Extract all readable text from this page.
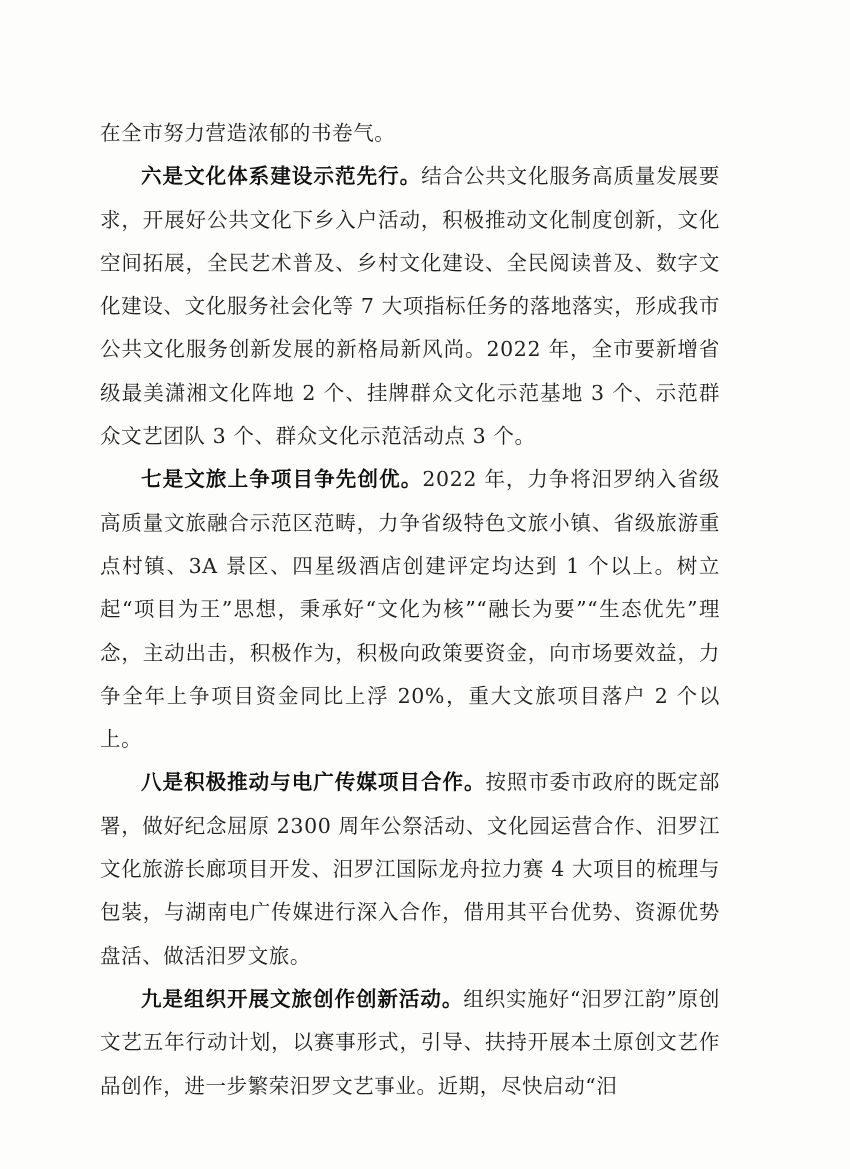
在全市努力营造浓郁的书卷气。

六是文化体系建设示范先行。结合公共文化服务高质量发展要求，开展好公共文化下乡入户活动，积极推动文化制度创新，文化空间拓展，全民艺术普及、乡村文化建设、全民阅读普及、数字文化建设、文化服务社会化等 7 大项指标任务的落地落实，形成我市公共文化服务创新发展的新格局新风尚。2022 年，全市要新增省级最美潇湘文化阵地 2 个、挂牌群众文化示范基地 3 个、示范群众文艺团队 3 个、群众文化示范活动点 3 个。

七是文旅上争项目争先创优。2022 年，力争将汨罗纳入省级高质量文旅融合示范区范畴，力争省级特色文旅小镇、省级旅游重点村镇、3A 景区、四星级酒店创建评定均达到 1 个以上。树立起“项目为王”思想，秉承好“文化为核”“融长为要”“生态优先”理念，主动出击，积极作为，积极向政策要资金，向市场要效益，力争全年上争项目资金同比上浮 20%，重大文旅项目落户 2 个以上。

八是积极推动与电广传媒项目合作。按照市委市政府的既定部署，做好纪念屈原 2300 周年公祭活动、文化园运营合作、汨罗江文化旅游长廊项目开发、汨罗江国际龙舟拉力赛 4 大项目的梳理与包装，与湖南电广传媒进行深入合作，借用其平台优势、资源优势盘活、做活汨罗文旅。

九是组织开展文旅创作创新活动。组织实施好“汨罗江韵”原创文艺五年行动计划，以赛事形式，引导、扶持开展本土原创文艺作品创作，进一步繁荣汨罗文艺事业。近期，尽快启动“汨
